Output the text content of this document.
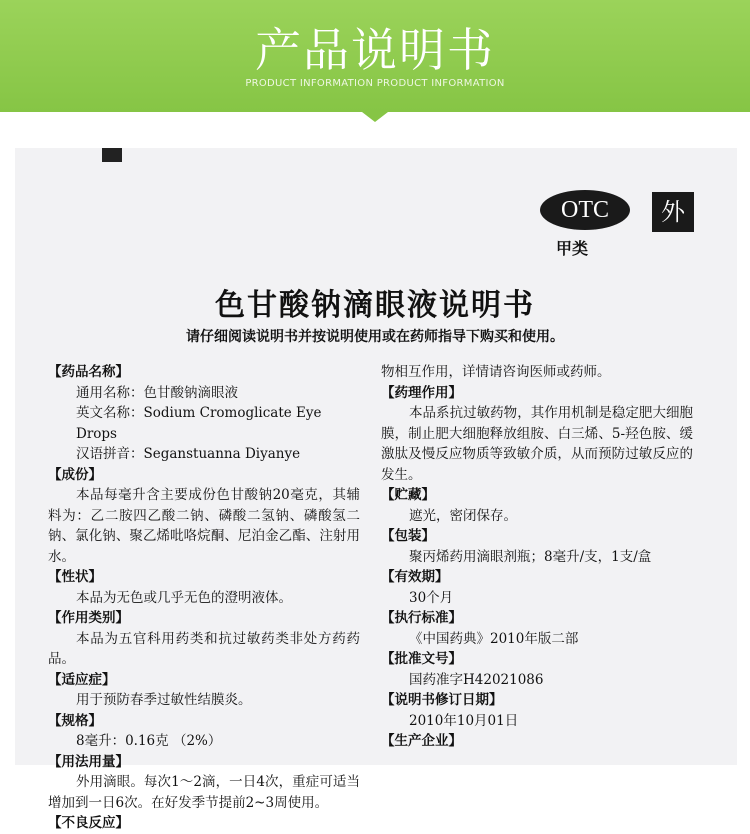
产品说明书
PRODUCT INFORMATION PRODUCT INFORMATION
OTC	外
甲类
色甘酸钠滴眼液说明书
请仔细阅读说明书并按说明使用或在药师指导下购买和使用。

【药品名称】

通用名称：色甘酸钠滴眼液

英文名称：Sodium Cromoglicate Eye Drops

汉语拼音：Seganstuanna Diyanye

【成份】

本品每毫升含主要成份色甘酸钠20毫克，其辅料为：乙二胺四乙酸二钠、磷酸二氢钠、磷酸氢二钠、氯化钠、聚乙烯吡咯烷酮、尼泊金乙酯、注射用水。

【性状】

本品为无色或几乎无色的澄明液体。

【作用类别】

本品为五官科用药类和抗过敏药类非处方药药品。

【适应症】

用于预防春季过敏性结膜炎。

【规格】

8毫升：0.16克 （2%）

【用法用量】

外用滴眼。每次1～2滴，一日4次，重症可适当增加到一日6次。在好发季节提前2~3周使用。

【不良反应】

物相互作用，详情请咨询医师或药师。

【药理作用】

本品系抗过敏药物，其作用机制是稳定肥大细胞膜，制止肥大细胞释放组胺、白三烯、5-羟色胺、缓激肽及慢反应物质等致敏介质，从而预防过敏反应的发生。

【贮藏】

遮光，密闭保存。

【包装】

聚丙烯药用滴眼剂瓶；8毫升/支，1支/盒

【有效期】

30个月

【执行标准】

《中国药典》2010年版二部

【批准文号】

国药准字H42021086

【说明书修订日期】

2010年10月01日

【生产企业】
